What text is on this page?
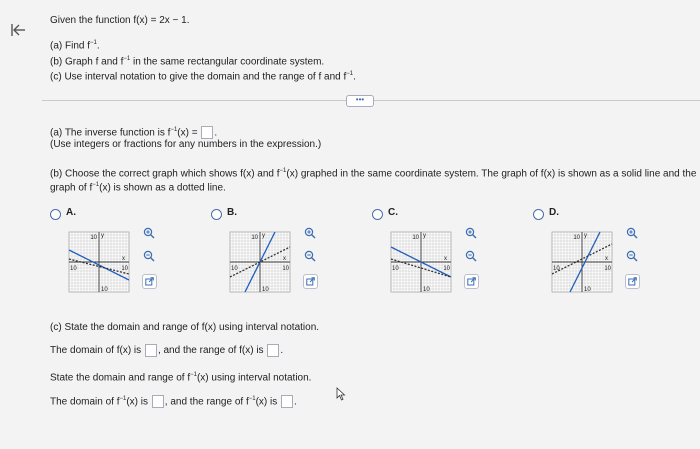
Given the function f(x) = 2x − 1.
(a) Find $f^{-1}$.
(b) Graph f and $f^{-1}$ in the same rectangular coordinate system.
(c) Use interval notation to give the domain and the range of f and $f^{-1}$.
•••
(a) The inverse function is $f^{-1}(x)$ = .
(Use integers or fractions for any numbers in the expression.)
(b) Choose the correct graph which shows f(x) and $f^{-1}(x)$ graphed in the same coordinate system. The graph of f(x) is shown as a solid line and the
graph of $f^{-1}(x)$ is shown as a dotted line.
A.
10
10	10
10
y
x
B.
10
10	10
10
y
x
C.
10
10	10
10
y
x
D.
10
10	10
10
y
x
(c) State the domain and range of f(x) using interval notation.
The domain of f(x) is , and the range of f(x) is .
State the domain and range of $f^{-1}(x)$ using interval notation.
The domain of $f^{-1}(x)$ is , and the range of $f^{-1}(x)$ is .
